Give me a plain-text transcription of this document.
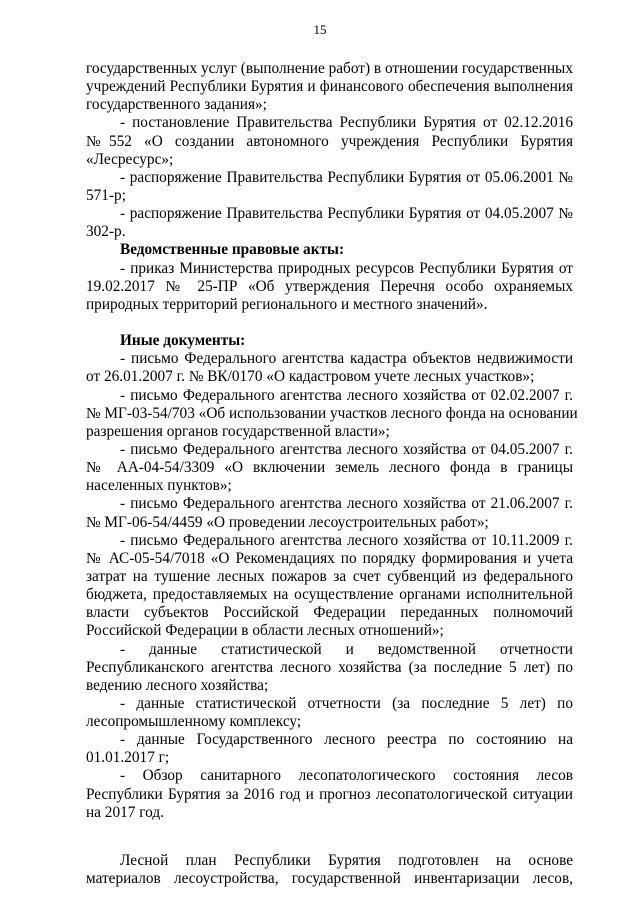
15
государственных услуг (выполнение работ) в отношении государственных
учреждений Республики Бурятия и финансового обеспечения выполнения
государственного задания»;
- постановление Правительства Республики Бурятия от 02.12.2016
№552 «О создании автономного учреждения Республики Бурятия
«Лесресурс»;
- распоряжение Правительства Республики Бурятия от 05.06.2001 №
571-р;
- распоряжение Правительства Республики Бурятия от 04.05.2007 №
302-р.
Ведомственные правовые акты:
- приказ Министерства природных ресурсов Республики Бурятия от
19.02.2017 № 25-ПР «Об утверждения Перечня особо охраняемых
природных территорий регионального и местного значений».
Иные документы:
- письмо Федерального агентства кадастра объектов недвижимости
от 26.01.2007 г. № ВК/0170 «О кадастровом учете лесных участков»;
- письмо Федерального агентства лесного хозяйства от 02.02.2007 г.
№ МГ-03-54/703 «Об использовании участков лесного фонда на основании
разрешения органов государственной власти»;
- письмо Федерального агентства лесного хозяйства от 04.05.2007 г.
№ АА-04-54/3309 «О включении земель лесного фонда в границы
населенных пунктов»;
- письмо Федерального агентства лесного хозяйства от 21.06.2007 г.
№ МГ-06-54/4459 «О проведении лесоустроительных работ»;
- письмо Федерального агентства лесного хозяйства от 10.11.2009 г.
№ АС-05-54/7018 «О Рекомендациях по порядку формирования и учета
затрат на тушение лесных пожаров за счет субвенций из федерального
бюджета, предоставляемых на осуществление органами исполнительной
власти субъектов Российской Федерации переданных полномочий
Российской Федерации в области лесных отношений»;
- данные статистической и ведомственной отчетности
Республиканского агентства лесного хозяйства (за последние 5 лет) по
ведению лесного хозяйства;
- данные статистической отчетности (за последние 5 лет) по
лесопромышленному комплексу;
- данные Государственного лесного реестра по состоянию на
01.01.2017 г;
- Обзор санитарного лесопатологического состояния лесов
Республики Бурятия за 2016 год и прогноз лесопатологической ситуации
на 2017 год.
Лесной план Республики Бурятия подготовлен на основе
материалов лесоустройства, государственной инвентаризации лесов,
